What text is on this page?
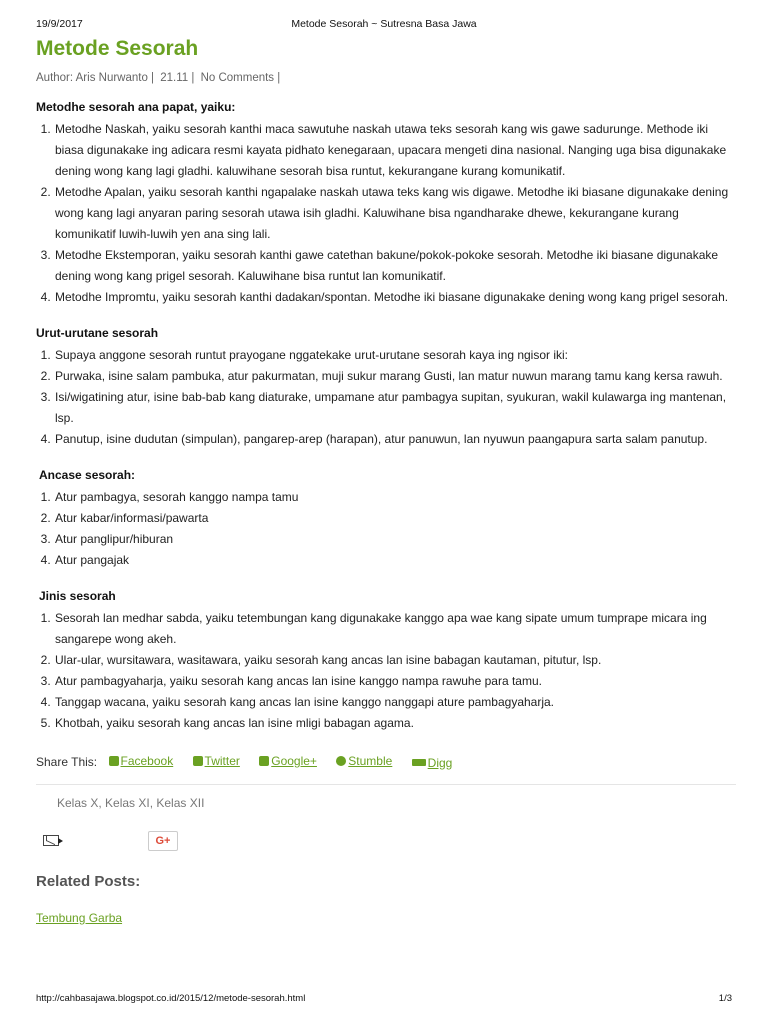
19/9/2017	Metode Sesorah ~ Sutresna Basa Jawa
Metode Sesorah
Author: Aris Nurwanto | 21.11 | No Comments |
Metodhe sesorah ana papat, yaiku:
1. Metodhe Naskah, yaiku sesorah kanthi maca sawutuhe naskah utawa teks sesorah kang wis gawe sadurunge. Methode iki biasa digunakake ing adicara resmi kayata pidhato kenegaraan, upacara mengeti dina nasional. Nanging uga bisa digunakake dening wong kang lagi gladhi. kaluwihane sesorah bisa runtut, kekurangane kurang komunikatif.
2. Metodhe Apalan, yaiku sesorah kanthi ngapalake naskah utawa teks kang wis digawe. Metodhe iki biasane digunakake dening wong kang lagi anyaran paring sesorah utawa isih gladhi. Kaluwihane bisa ngandharake dhewe, kekurangane kurang komunikatif luwih-luwih yen ana sing lali.
3. Metodhe Ekstemporan, yaiku sesorah kanthi gawe catethan bakune/pokok-pokoke sesorah. Metodhe iki biasane digunakake dening wong kang prigel sesorah. Kaluwihane bisa runtut lan komunikatif.
4. Metodhe Impromtu, yaiku sesorah kanthi dadakan/spontan. Metodhe iki biasane digunakake dening wong kang prigel sesorah.
Urut-urutane sesorah
1. Supaya anggone sesorah runtut prayogane nggatekake urut-urutane sesorah kaya ing ngisor iki:
2. Purwaka, isine salam pambuka, atur pakurmatan, muji sukur marang Gusti, lan matur nuwun marang tamu kang kersa rawuh.
3. Isi/wigatining atur, isine bab-bab kang diaturake, umpamane atur pambagya supitan, syukuran, wakil kulawarga ing mantenan, lsp.
4. Panutup, isine dudutan (simpulan), pangarep-arep (harapan), atur panuwun, lan nyuwun paangapura sarta salam panutup.
Ancase sesorah:
1. Atur pambagya, sesorah kanggo nampa tamu
2. Atur kabar/informasi/pawarta
3. Atur panglipur/hiburan
4. Atur pangajak
Jinis sesorah
1. Sesorah lan medhar sabda, yaiku tetembungan kang digunakake kanggo apa wae kang sipate umum tumprape micara ing sangarepe wong akeh.
2. Ular-ular, wursitawara, wasitawara, yaiku sesorah kang ancas lan isine babagan kautaman, pitutur, lsp.
3. Atur pambagyaharja, yaiku sesorah kang ancas lan isine kanggo nampa rawuhe para tamu.
4. Tanggap wacana, yaiku sesorah kang ancas lan isine kanggo nanggapi ature pambagyaharja.
5. Khotbah, yaiku sesorah kang ancas lan isine mligi babagan agama.
Share This: Facebook
	Twitter
	Google+
	Stumble
	Digg
Kelas X, Kelas XI, Kelas XII
G+
Related Posts:
Tembung Garba
http://cahbasajawa.blogspot.co.id/2015/12/metode-sesorah.html	1/3
